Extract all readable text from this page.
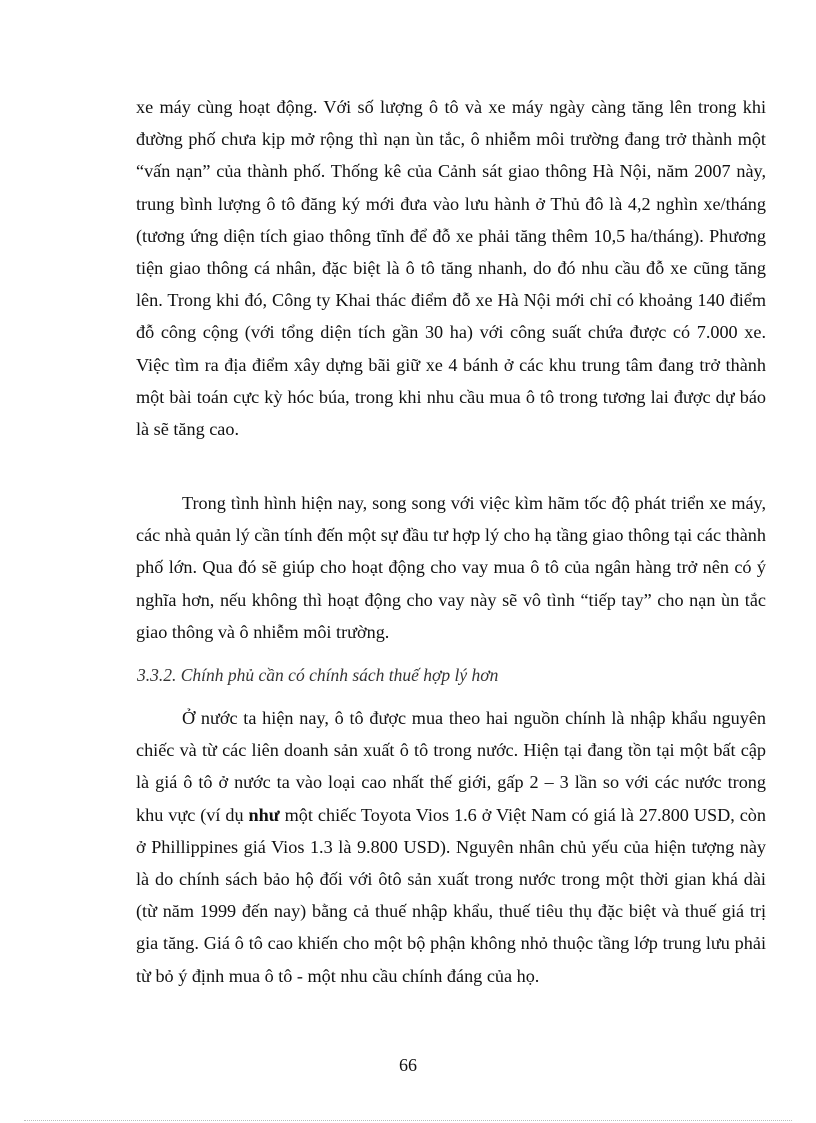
xe máy cùng hoạt động. Với số lượng ô tô và xe máy ngày càng tăng lên trong khi đường phố chưa kịp mở rộng thì nạn ùn tắc, ô nhiễm môi trường đang trở thành một “vấn nạn” của thành phố. Thống kê của Cảnh sát giao thông Hà Nội, năm 2007 này, trung bình lượng ô tô đăng ký mới đưa vào lưu hành ở Thủ đô là 4,2 nghìn xe/tháng (tương ứng diện tích giao thông tĩnh để đỗ xe phải tăng thêm 10,5 ha/tháng). Phương tiện giao thông cá nhân, đặc biệt là ô tô tăng nhanh, do đó nhu cầu đỗ xe cũng tăng lên. Trong khi đó, Công ty Khai thác điểm đỗ xe Hà Nội mới chỉ có khoảng 140 điểm đỗ công cộng (với tổng diện tích gần 30 ha) với công suất chứa được có 7.000 xe. Việc tìm ra địa điểm xây dựng bãi giữ xe 4 bánh ở các khu trung tâm đang trở thành một bài toán cực kỳ hóc búa, trong khi nhu cầu mua ô tô trong tương lai được dự báo là sẽ tăng cao.

Trong tình hình hiện nay, song song với việc kìm hãm tốc độ phát triển xe máy, các nhà quản lý cần tính đến một sự đầu tư hợp lý cho hạ tầng giao thông tại các thành phố lớn. Qua đó sẽ giúp cho hoạt động cho vay mua ô tô của ngân hàng trở nên có ý nghĩa hơn, nếu không thì hoạt động cho vay này sẽ vô tình “tiếp tay” cho nạn ùn tắc giao thông và ô nhiễm môi trường.

3.3.2. Chính phủ cần có chính sách thuế hợp lý hơn

Ở nước ta hiện nay, ô tô được mua theo hai nguồn chính là nhập khẩu nguyên chiếc và từ các liên doanh sản xuất ô tô trong nước. Hiện tại đang tồn tại một bất cập là giá ô tô ở nước ta vào loại cao nhất thế giới, gấp 2 – 3 lần so với các nước trong khu vực (ví dụ như một chiếc Toyota Vios 1.6 ở Việt Nam có giá là 27.800 USD, còn ở Phillippines giá Vios 1.3 là 9.800 USD). Nguyên nhân chủ yếu của hiện tượng này là do chính sách bảo hộ đối với ôtô sản xuất trong nước trong một thời gian khá dài (từ năm 1999 đến nay) bằng cả thuế nhập khẩu, thuế tiêu thụ đặc biệt và thuế giá trị gia tăng. Giá ô tô cao khiến cho một bộ phận không nhỏ thuộc tầng lớp trung lưu phải từ bỏ ý định mua ô tô - một nhu cầu chính đáng của họ.

66
